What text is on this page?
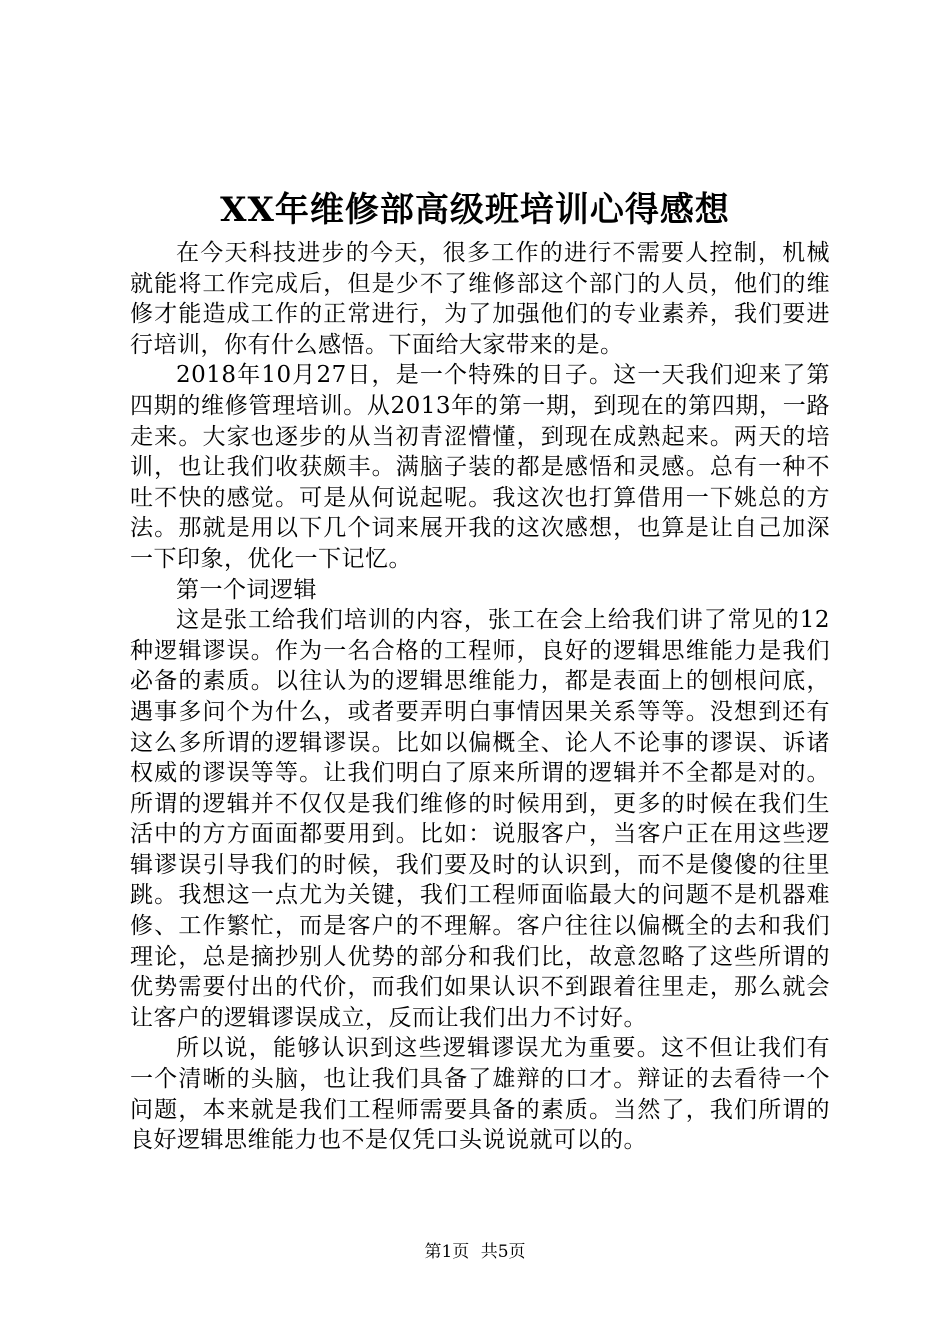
XX年维修部高级班培训心得感想

在今天科技进步的今天，很多工作的进行不需要人控制，机械就能将工作完成后，但是少不了维修部这个部门的人员，他们的维修才能造成工作的正常进行，为了加强他们的专业素养，我们要进行培训，你有什么感悟。下面给大家带来的是。

2018年10月27日，是一个特殊的日子。这一天我们迎来了第四期的维修管理培训。从2013年的第一期，到现在的第四期，一路走来。大家也逐步的从当初青涩懵懂，到现在成熟起来。两天的培训，也让我们收获颇丰。满脑子装的都是感悟和灵感。总有一种不吐不快的感觉。可是从何说起呢。我这次也打算借用一下姚总的方法。那就是用以下几个词来展开我的这次感想，也算是让自己加深一下印象，优化一下记忆。

第一个词逻辑

这是张工给我们培训的内容，张工在会上给我们讲了常见的12种逻辑谬误。作为一名合格的工程师，良好的逻辑思维能力是我们必备的素质。以往认为的逻辑思维能力，都是表面上的刨根问底，遇事多问个为什么，或者要弄明白事情因果关系等等。没想到还有这么多所谓的逻辑谬误。比如以偏概全、论人不论事的谬误、诉诸权威的谬误等等。让我们明白了原来所谓的逻辑并不全都是对的。所谓的逻辑并不仅仅是我们维修的时候用到，更多的时候在我们生活中的方方面面都要用到。比如：说服客户，当客户正在用这些逻辑谬误引导我们的时候，我们要及时的认识到，而不是傻傻的往里跳。我想这一点尤为关键，我们工程师面临最大的问题不是机器难修、工作繁忙，而是客户的不理解。客户往往以偏概全的去和我们理论，总是摘抄别人优势的部分和我们比，故意忽略了这些所谓的优势需要付出的代价，而我们如果认识不到跟着往里走，那么就会让客户的逻辑谬误成立，反而让我们出力不讨好。

所以说，能够认识到这些逻辑谬误尤为重要。这不但让我们有一个清晰的头脑，也让我们具备了雄辩的口才。辩证的去看待一个问题，本来就是我们工程师需要具备的素质。当然了，我们所谓的良好逻辑思维能力也不是仅凭口头说说就可以的。

第1页 共5页
